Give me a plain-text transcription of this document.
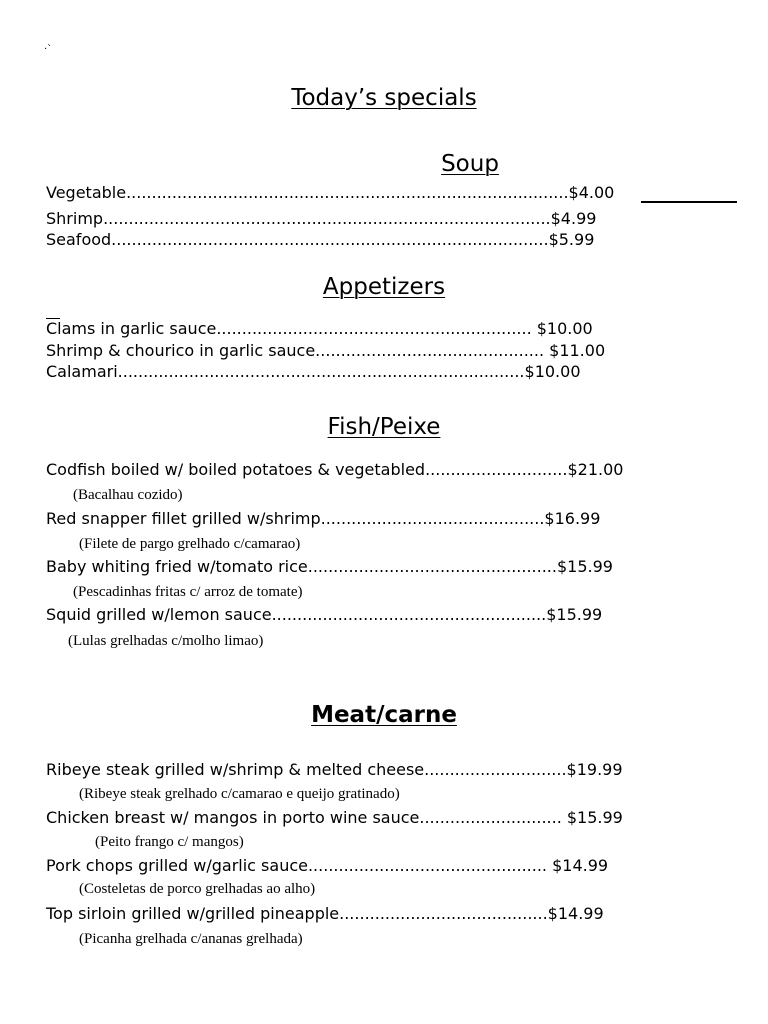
·`
Today’s specials
Soup
Vegetable.......................................................................................$4.00
Shrimp........................................................................................$4.99
Seafood......................................................................................$5.99
Appetizers
Clams in garlic sauce.............................................................. $10.00
Shrimp & chourico in garlic sauce............................................. $11.00
Calamari................................................................................$10.00
Fish/Peixe
Codfish boiled w/ boiled potatoes & vegetabled............................$21.00
(Bacalhau cozido)
Red snapper fillet grilled w/shrimp............................................$16.99
(Filete de pargo grelhado c/camarao)
Baby whiting fried w/tomato rice.................................................$15.99
(Pescadinhas fritas c/ arroz de tomate)
Squid grilled w/lemon sauce......................................................$15.99
(Lulas grelhadas c/molho limao)
Meat/carne
Ribeye steak grilled w/shrimp & melted cheese............................$19.99
(Ribeye steak grelhado c/camarao e queijo gratinado)
Chicken breast w/ mangos in porto wine sauce............................ $15.99
(Peito frango c/ mangos)
Pork chops grilled w/garlic sauce............................................... $14.99
(Costeletas de porco grelhadas ao alho)
Top sirloin grilled w/grilled pineapple.........................................$14.99
(Picanha grelhada c/ananas grelhada)
